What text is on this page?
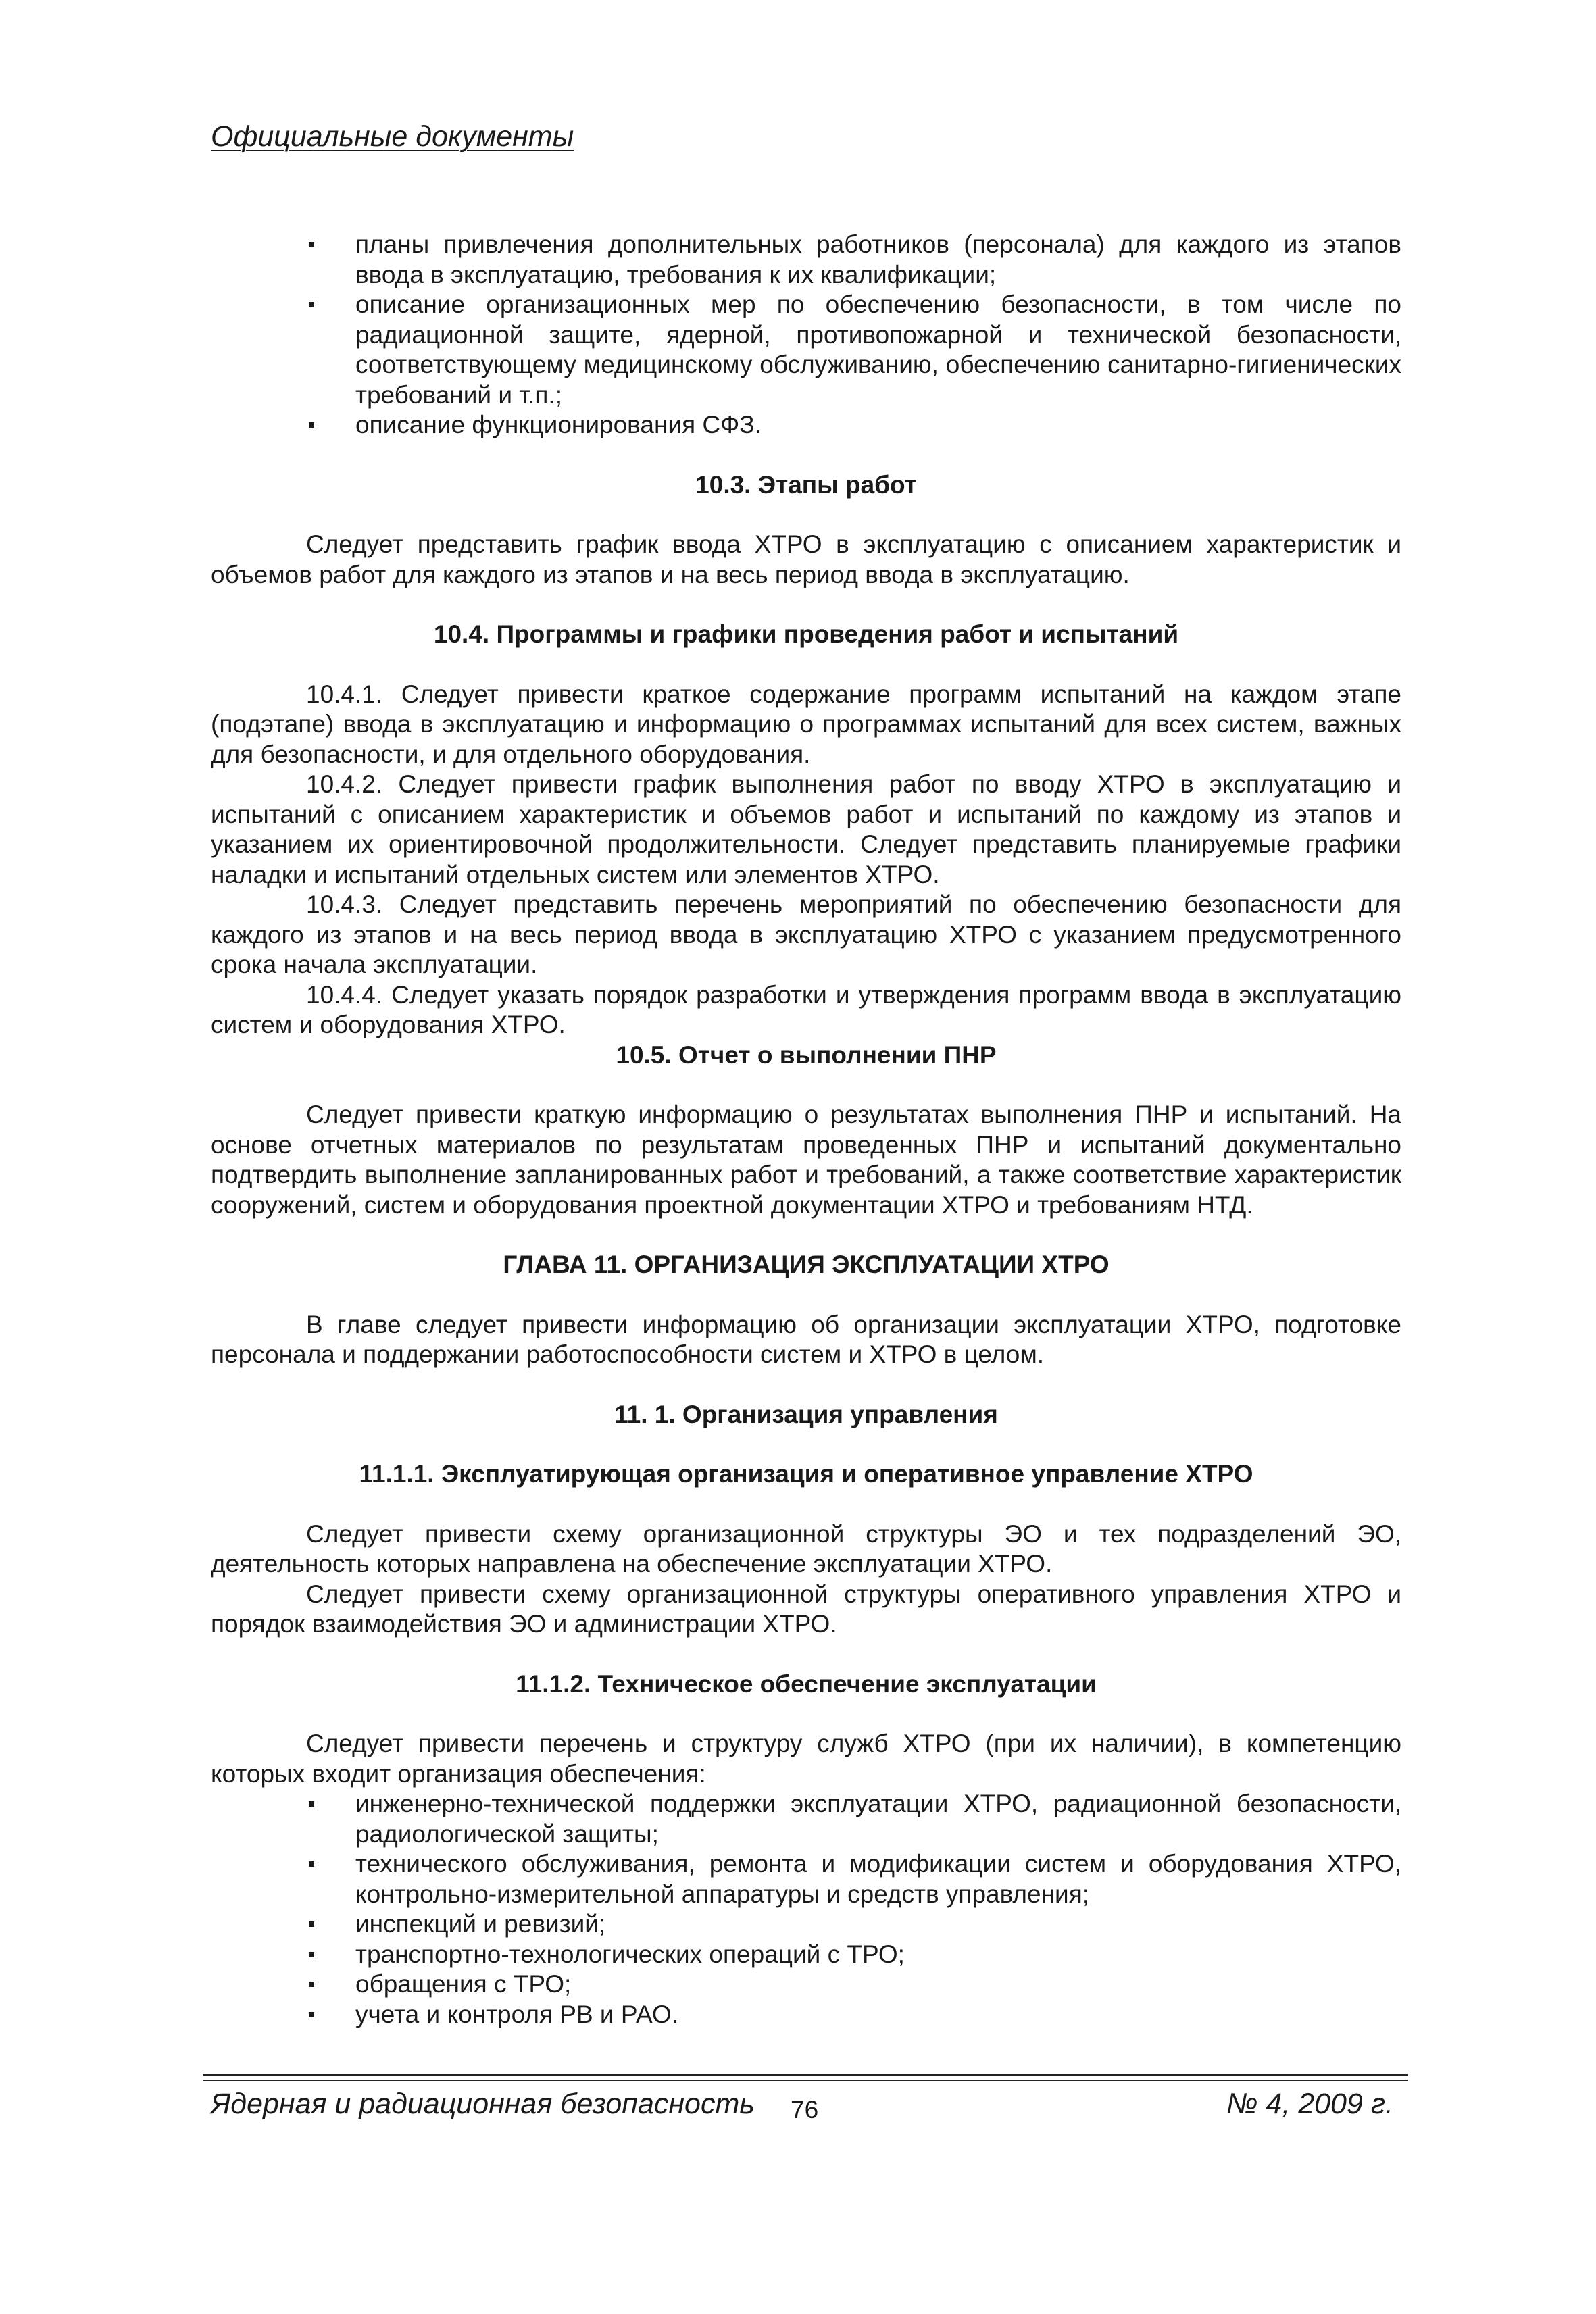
Официальные документы
планы привлечения дополнительных работников (персонала) для каждого из этапов ввода в эксплуатацию, требования к их квалификации;
описание организационных мер по обеспечению безопасности, в том числе по радиационной защите, ядерной, противопожарной и технической безопасности, соответствующему медицинскому обслуживанию, обеспечению санитарно-гигиенических требований и т.п.;
описание функционирования СФЗ.
10.3. Этапы работ

Следует представить график ввода ХТРО в эксплуатацию с описанием характеристик и объемов работ для каждого из этапов и на весь период ввода в эксплуатацию.

10.4. Программы и графики проведения работ и испытаний

10.4.1. Следует привести краткое содержание программ испытаний на каждом этапе (подэтапе) ввода в эксплуатацию и информацию о программах испытаний для всех систем, важных для безопасности, и для отдельного оборудования.

10.4.2. Следует привести график выполнения работ по вводу ХТРО в эксплуатацию и испытаний с описанием характеристик и объемов работ и испытаний по каждому из этапов и указанием их ориентировочной продолжительности. Следует представить планируемые графики наладки и испытаний отдельных систем или элементов ХТРО.

10.4.3. Следует представить перечень мероприятий по обеспечению безопасности для каждого из этапов и на весь период ввода в эксплуатацию ХТРО с указанием предусмотренного срока начала эксплуатации.

10.4.4. Следует указать порядок разработки и утверждения программ ввода в эксплуатацию систем и оборудования ХТРО.

10.5. Отчет о выполнении ПНР

Следует привести краткую информацию о результатах выполнения ПНР и испытаний. На основе отчетных материалов по результатам проведенных ПНР и испытаний документально подтвердить выполнение запланированных работ и требований, а также соответствие характеристик сооружений, систем и оборудования проектной документации ХТРО и требованиям НТД.

ГЛАВА 11. ОРГАНИЗАЦИЯ ЭКСПЛУАТАЦИИ ХТРО

В главе следует привести информацию об организации эксплуатации ХТРО, подготовке персонала и поддержании работоспособности систем и ХТРО в целом.

11. 1. Организация управления
11.1.1. Эксплуатирующая организация и оперативное управление ХТРО

Следует привести схему организационной структуры ЭО и тех подразделений ЭО, деятельность которых направлена на обеспечение эксплуатации ХТРО.

Следует привести схему организационной структуры оперативного управления ХТРО и порядок взаимодействия ЭО и администрации ХТРО.

11.1.2. Техническое обеспечение эксплуатации

Следует привести перечень и структуру служб ХТРО (при их наличии), в компетенцию которых входит организация обеспечения:

инженерно-технической поддержки эксплуатации ХТРО, радиационной безопасности, радиологической защиты;
технического обслуживания, ремонта и модификации систем и оборудования ХТРО, контрольно-измерительной аппаратуры и средств управления;
инспекций и ревизий;
транспортно-технологических операций с ТРО;
обращения с ТРО;
учета и контроля РВ и РАО.
Ядерная и радиационная безопасность 76	№ 4, 2009 г.
